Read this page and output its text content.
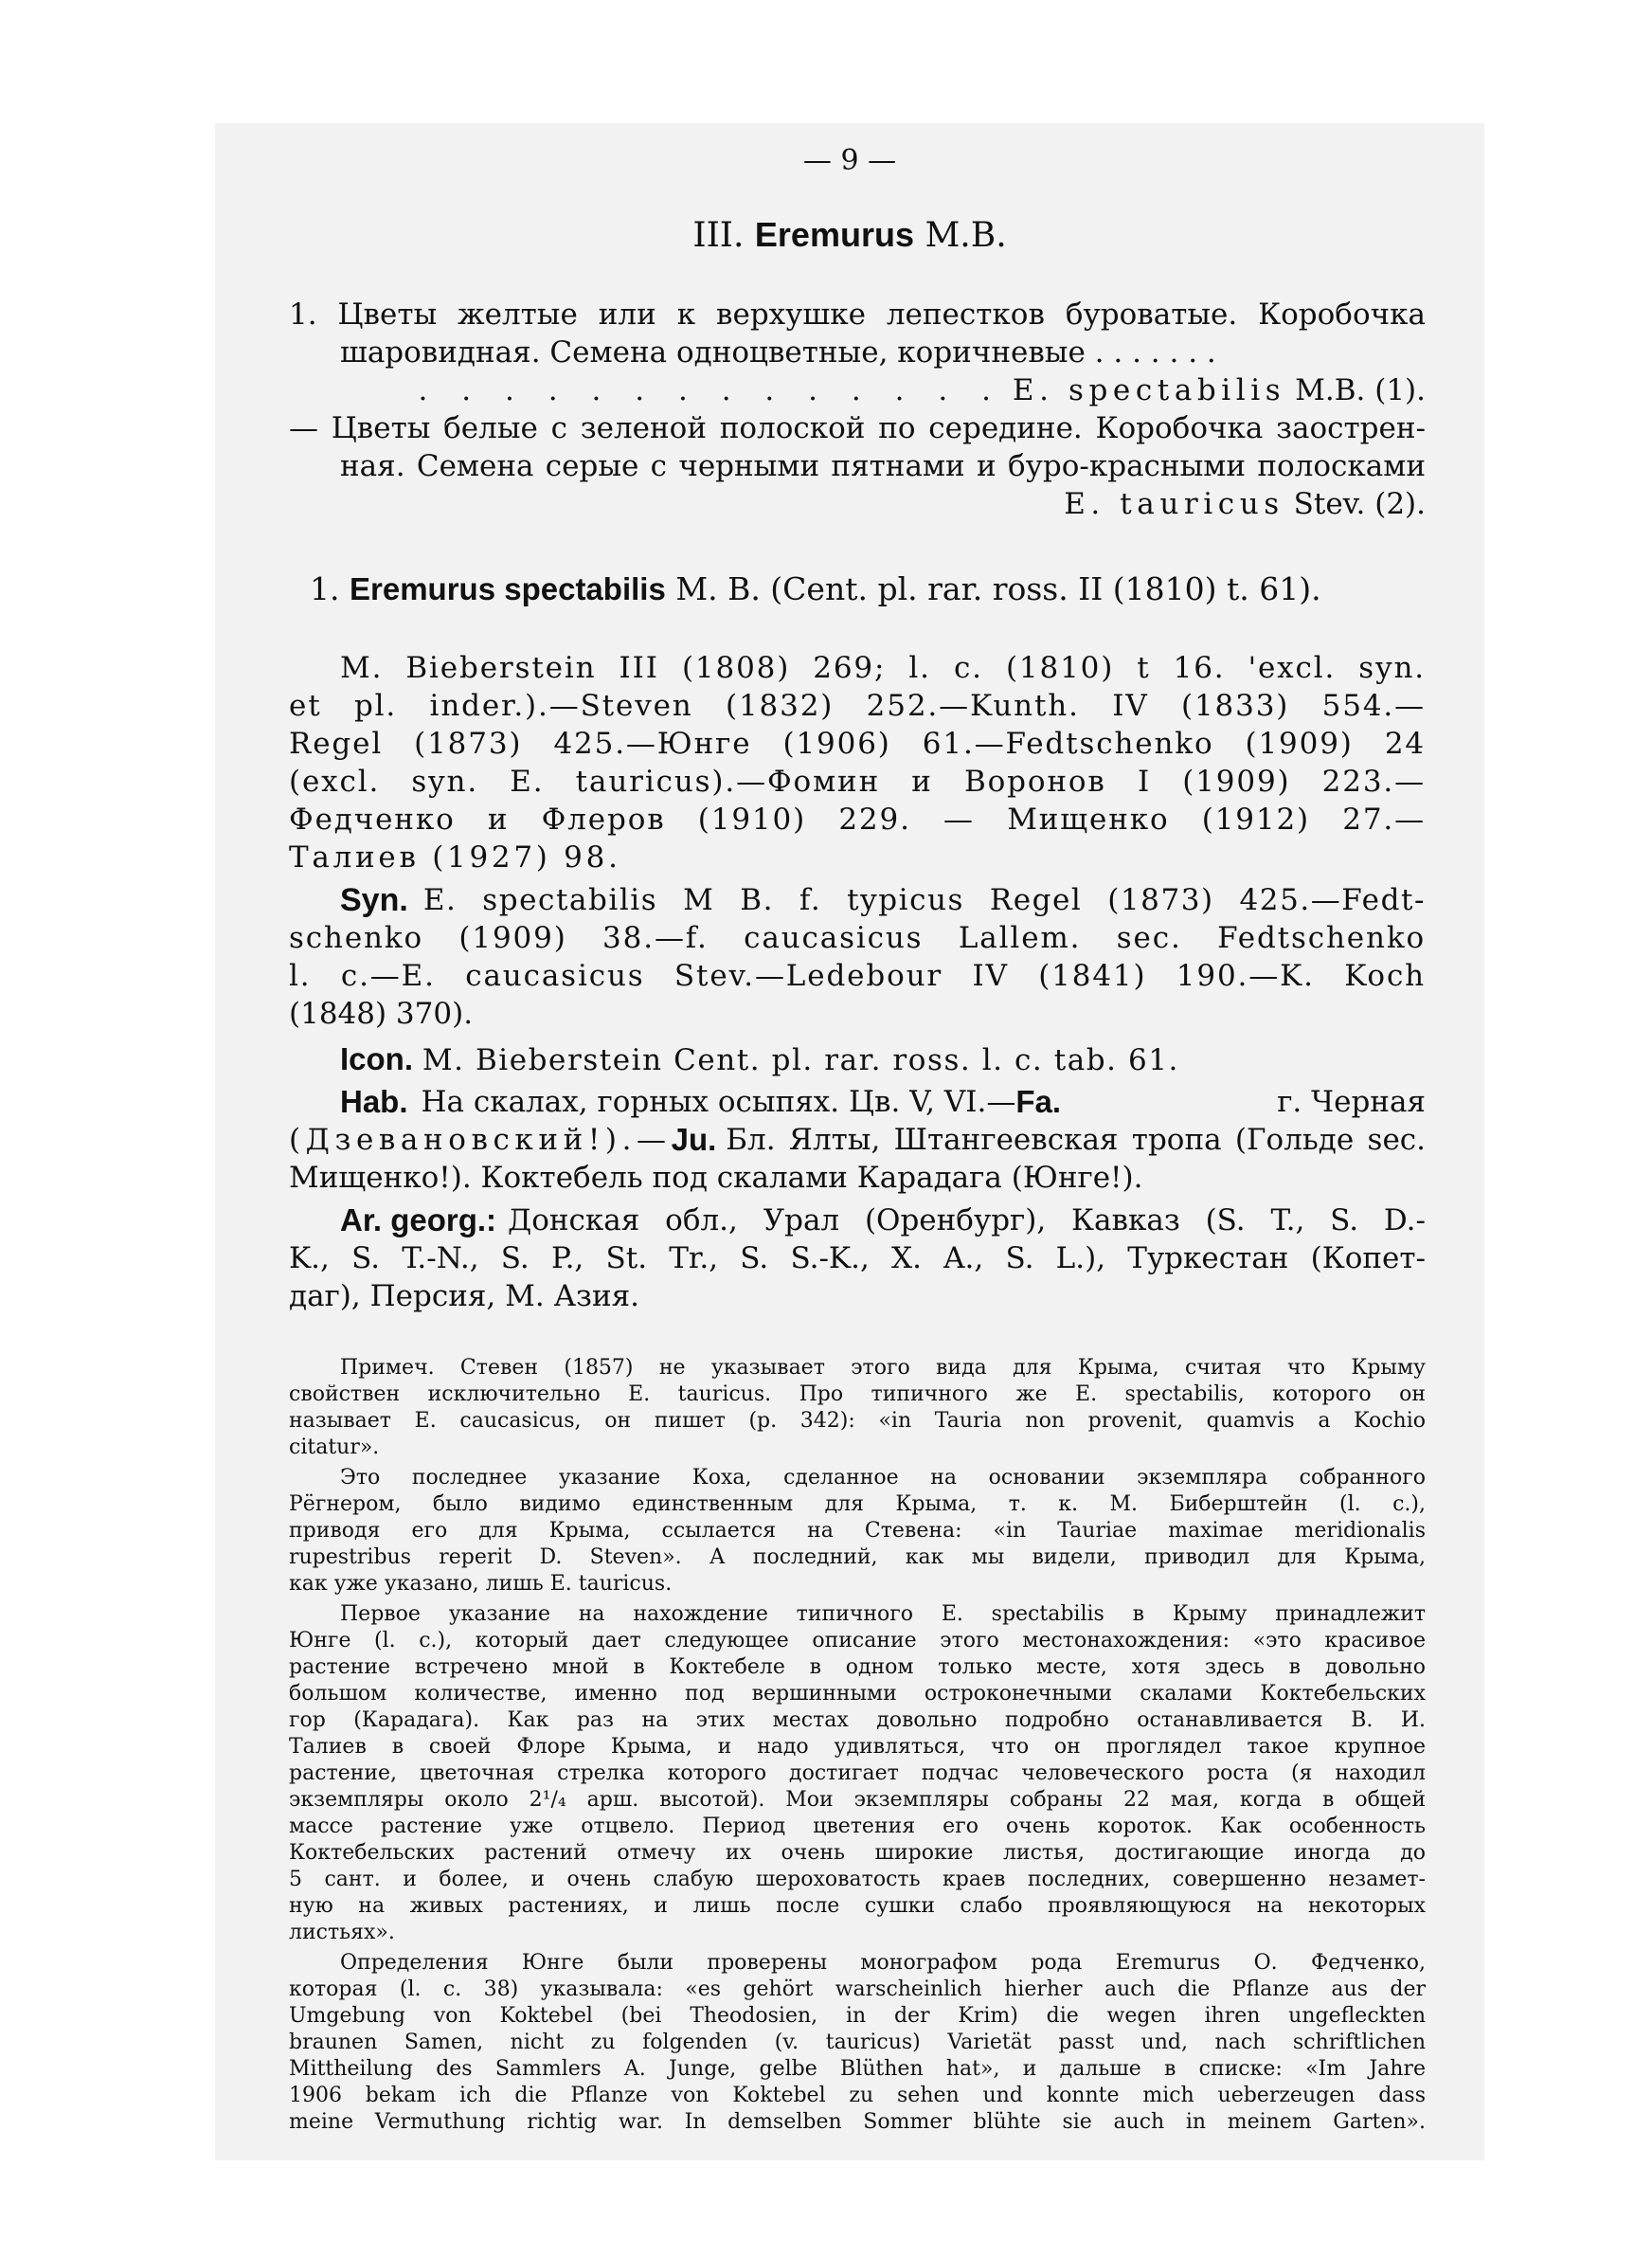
— 9 —
III. Eremurus M.B.
1. Цветы желтые или к верхушке лепестков буроватые. Коробочка
шаровидная. Семена одноцветные, коричневые . . . . . . .
. . . . . . . . . . . . . . E. spectabilis M.B. (1).
— Цветы белые с зеленой полоской по середине. Коробочка заострен-
ная. Семена серые с черными пятнами и буро-красными полосками
E. tauricus Stev. (2).
1. Eremurus spectabilis M. B. (Cent. pl. rar. ross. II (1810) t. 61).
M. Bieberstein III (1808) 269; l. c. (1810) t 16. 'excl. syn.
et pl. inder.).—Steven (1832) 252.—Kunth. IV (1833) 554.—
Regel (1873) 425.—Юнге (1906) 61.—Fedtschenko (1909) 24
(excl. syn. E. tauricus).—Фомин и Воронов I (1909) 223.—
Федченко и Флеров (1910) 229. — Мищенко (1912) 27.—
Талиев (1927) 98.
Syn. E. spectabilis M B. f. typicus Regel (1873) 425.—Fedt-
schenko (1909) 38.—f. caucasicus Lallem. sec. Fedtschenko
l. c.—E. caucasicus Stev.—Ledebour IV (1841) 190.—K. Koch
(1848) 370).
Icon. M. Bieberstein Cent. pl. rar. ross. l. c. tab. 61.
Hab. На скалах, горных осыпях. Цв. V, VI.— Fa.	г. Черная
(Дзевановский!).— Ju. Бл. Ялты, Штангеевская тропа (Гольде sec.
Мищенко!). Коктебель под скалами Карадага (Юнге!).
Ar. georg.: Донская обл., Урал (Оренбург), Кавказ (S. T., S. D.-
K., S. T.-N., S. P., St. Tr., S. S.-K., X. A., S. L.), Туркестан (Копет-
даг), Персия, М. Азия.
Примеч. Стевен (1857) не указывает этого вида для Крыма, считая что Крыму
свойствен исключительно E. tauricus. Про типичного же E. spectabilis, которого он
называет E. caucasicus, он пишет (p. 342): «in Tauria non provenit, quamvis a Kochio
citatur».
Это последнее указание Коха, сделанное на основании экземпляра собранного
Рёгнером, было видимо единственным для Крыма, т. к. М. Биберштейн (l. c.),
приводя его для Крыма, ссылается на Стевена: «in Tauriae maximae meridionalis
rupestribus reperit D. Steven». А последний, как мы видели, приводил для Крыма,
как уже указано, лишь E. tauricus.
Первое указание на нахождение типичного E. spectabilis в Крыму принадлежит
Юнге (l. c.), который дает следующее описание этого местонахождения: «это красивое
растение встречено мной в Коктебеле в одном только месте, хотя здесь в довольно
большом количестве, именно под вершинными остроконечными скалами Коктебельских
гор (Карадага). Как раз на этих местах довольно подробно останавливается В. И.
Талиев в своей Флоре Крыма, и надо удивляться, что он проглядел такое крупное
растение, цветочная стрелка которого достигает подчас человеческого роста (я находил
экземпляры около 2¹/₄ арш. высотой). Мои экземпляры собраны 22 мая, когда в общей
массе растение уже отцвело. Период цветения его очень короток. Как особенность
Коктебельских растений отмечу их очень широкие листья, достигающие иногда до
5 сант. и более, и очень слабую шероховатость краев последних, совершенно незамет-
ную на живых растениях, и лишь после сушки слабо проявляющуюся на некоторых
листьях».
Определения Юнге были проверены монографом рода Eremurus О. Федченко,
которая (l. c. 38) указывала: «es gehört warscheinlich hierher auch die Pflanze aus der
Umgebung von Koktebel (bei Theodosien, in der Krim) die wegen ihren ungefleckten
braunen Samen, nicht zu folgenden (v. tauricus) Varietät passt und, nach schriftlichen
Mittheilung des Sammlers A. Junge, gelbe Blüthen hat», и дальше в списке: «Im Jahre
1906 bekam ich die Pflanze von Koktebel zu sehen und konnte mich ueberzeugen dass
meine Vermuthung richtig war. In demselben Sommer blühte sie auch in meinem Garten».
